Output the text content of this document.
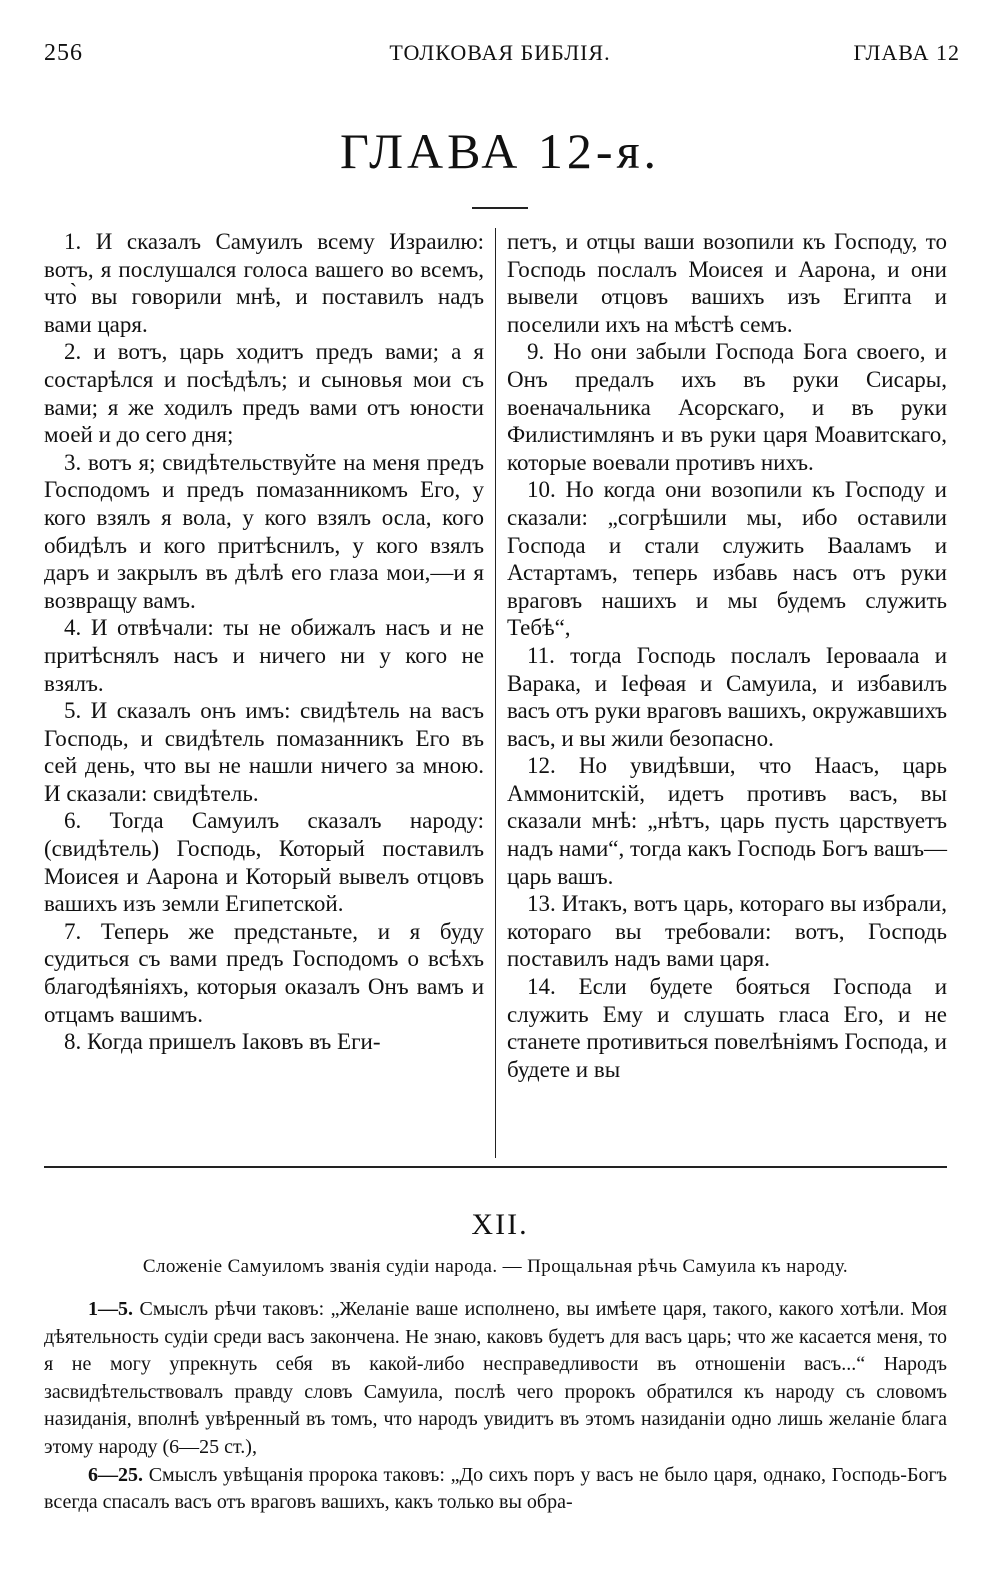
256	ТОЛКОВАЯ БИБЛІЯ.	ГЛАВА 12
ГЛАВА 12-я.

1. И сказалъ Самуилъ всему Израилю: вотъ, я послушался голоса вашего во всемъ, что̀ вы говорили мнѣ, и поставилъ надъ вами царя.

2. и вотъ, царь ходитъ предъ вами; а я состарѣлся и посѣдѣлъ; и сыновья мои съ вами; я же ходилъ предъ вами отъ юности моей и до сего дня;

3. вотъ я; свидѣтельствуйте на меня предъ Господомъ и предъ помазанникомъ Его, у кого взялъ я вола, у кого взялъ осла, кого обидѣлъ и кого притѣснилъ, у кого взялъ даръ и закрылъ въ дѣлѣ его глаза мои,—и я возвращу вамъ.

4. И отвѣчали: ты не обижалъ насъ и не притѣснялъ насъ и ничего ни у кого не взялъ.

5. И сказалъ онъ имъ: свидѣтель на васъ Господь, и свидѣтель помазанникъ Его въ сей день, что вы не нашли ничего за мною. И сказали: свидѣтель.

6. Тогда Самуилъ сказалъ народу: (свидѣтель) Господь, Который поставилъ Моисея и Аарона и Который вывелъ отцовъ вашихъ изъ земли Египетской.

7. Теперь же предстаньте, и я буду судиться съ вами предъ Господомъ о всѣхъ благодѣяніяхъ, которыя оказалъ Онъ вамъ и отцамъ вашимъ.

8. Когда пришелъ Іаковъ въ Еги-

петъ, и отцы ваши возопили къ Господу, то Господь послалъ Моисея и Аарона, и они вывели отцовъ вашихъ изъ Египта и поселили ихъ на мѣстѣ семъ.

9. Но они забыли Господа Бога своего, и Онъ предалъ ихъ въ руки Сисары, военачальника Асорскаго, и въ руки Филистимлянъ и въ руки царя Моавитскаго, которые воевали противъ нихъ.

10. Но когда они возопили къ Господу и сказали: „согрѣшили мы, ибо оставили Господа и стали служить Вааламъ и Астартамъ, теперь избавь насъ отъ руки враговъ нашихъ и мы будемъ служить Тебѣ“,

11. тогда Господь послалъ Іероваала и Варака, и Іефѳая и Самуила, и избавилъ васъ отъ руки враговъ вашихъ, окружавшихъ васъ, и вы жили безопасно.

12. Но увидѣвши, что Наасъ, царь Аммонитскій, идетъ противъ васъ, вы сказали мнѣ: „нѣтъ, царь пусть царствуетъ надъ нами“, тогда какъ Господь Богъ вашъ—царь вашъ.

13. Итакъ, вотъ царь, котораго вы избрали, котораго вы требовали: вотъ, Господь поставилъ надъ вами царя.

14. Если будете бояться Господа и служить Ему и слушать гласа Его, и не станете противиться повелѣніямъ Господа, и будете и вы

XII.
Сложеніе Самуиломъ званія судіи народа. — Прощальная рѣчь Самуила къ народу.

1—5. Смыслъ рѣчи таковъ: „Желаніе ваше исполнено, вы имѣете царя, такого, какого хотѣли. Моя дѣятельность судіи среди васъ закончена. Не знаю, каковъ будетъ для васъ царь; что же касается меня, то я не могу упрекнуть себя въ какой-либо несправедливости въ отношеніи васъ...“ Народъ засвидѣтельствовалъ правду словъ Самуила, послѣ чего пророкъ обратился къ народу съ словомъ назиданія, вполнѣ увѣренный въ томъ, что народъ увидитъ въ этомъ назиданіи одно лишь желаніе блага этому народу (6—25 ст.),

6—25. Смыслъ увѣщанія пророка таковъ: „До сихъ поръ у васъ не было царя, однако, Господь-Богъ всегда спасалъ васъ отъ враговъ вашихъ, какъ только вы обра-
